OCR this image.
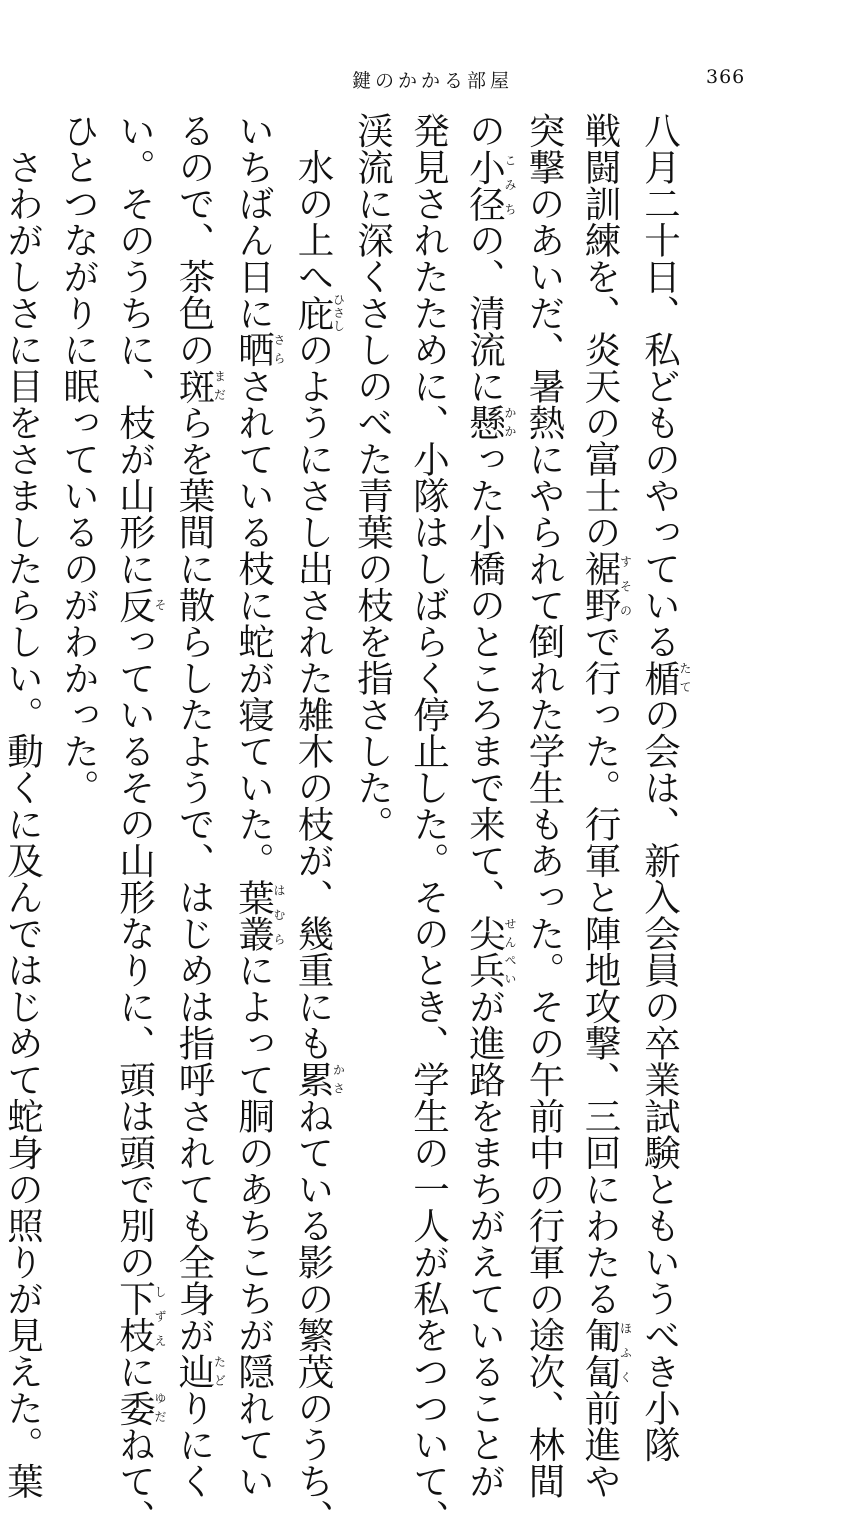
鍵のかかる部屋	366
八月二十日、私どものやっている楯たての会は、新入会員の卒業試験ともいうべき小隊
戦闘訓練を、炎天の富士の裾野すそので行った。行軍と陣地攻撃、三回にわたる匍匐ほふく前進や
突撃のあいだ、暑熱にやられて倒れた学生もあった。その午前中の行軍の途次、林間
の小径こみちの、清流に懸かかった小橋のところまで来て、尖兵せんぺいが進路をまちがえていることが
発見されたために、小隊はしばらく停止した。そのとき、学生の一人が私をつついて、
渓流に深くさしのべた青葉の枝を指さした。
　水の上へ庇ひさしのようにさし出された雑木の枝が、幾重にも累かさねている影の繁茂のうち、
いちばん日に晒さらされている枝に蛇が寝ていた。葉叢はむらによって胴のあちこちが隠れてい
るので、茶色の斑まだらを葉間に散らしたようで、はじめは指呼されても全身が辿たどりにく
い。そのうちに、枝が山形に反そっているその山形なりに、頭は頭で別の下枝しずえに委ゆだねて、
ひとつながりに眠っているのがわかった。
　さわがしさに目をさましたらしい。動くに及んではじめて蛇身の照りが見えた。葉
